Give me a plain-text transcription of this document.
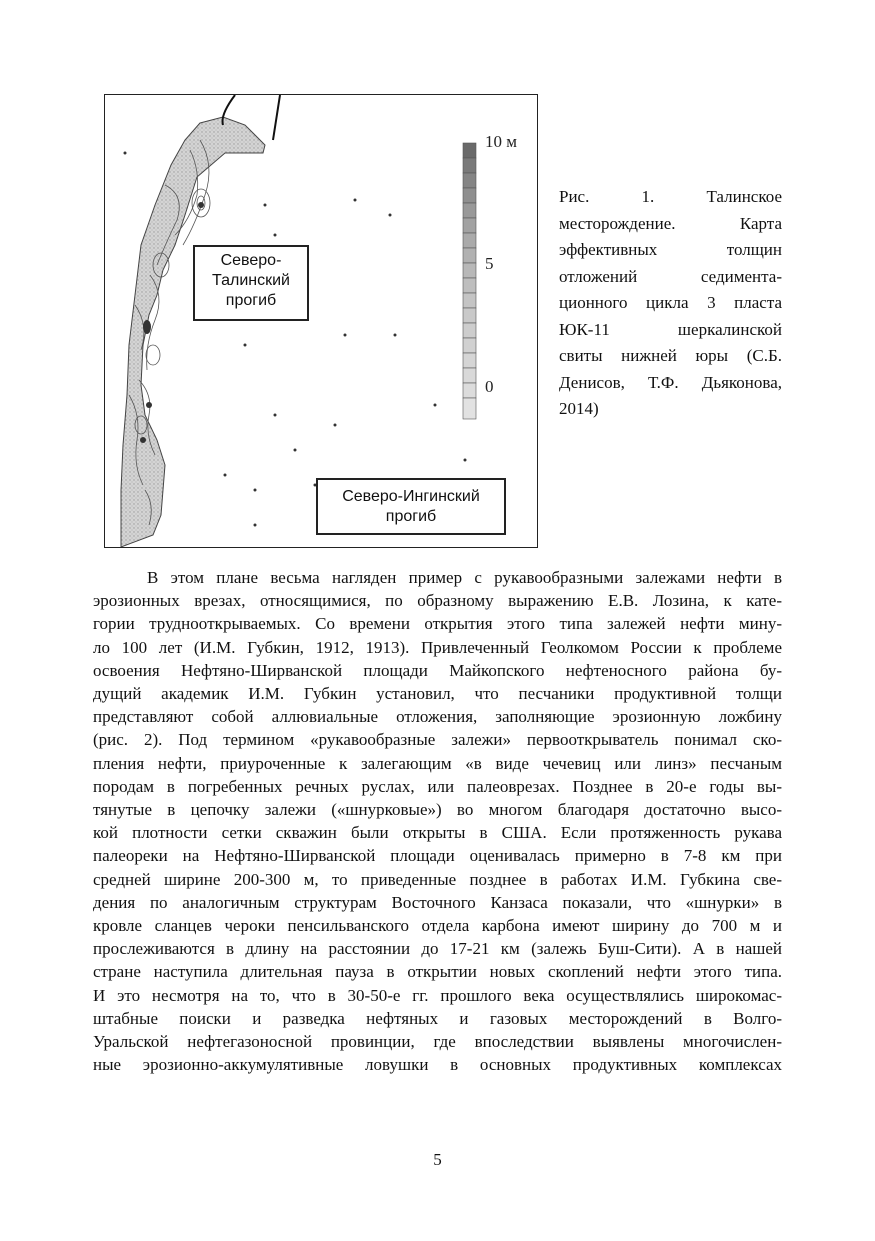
10 м
5
0
Северо-
Талинский
прогиб
Северо-Ингинский
прогиб
Рис. 1. Талинское
месторождение. Карта
эффективных толщин
отложений седимента-
ционного цикла 3 пласта
ЮК-11 шеркалинской
свиты нижней юры (С.Б.
Денисов, Т.Ф. Дьяконова,
2014)
В этом плане весьма нагляден пример с рукавообразными залежами нефти в
эрозионных врезах, относящимися, по образному выражению Е.В. Лозина, к кате-
гории трудноoткрываемых. Со времени открытия этого типа залежей нефти мину-
ло 100 лет (И.М. Губкин, 1912, 1913). Привлеченный Геолкомом России к проблеме
освоения Нефтяно-Ширванской площади Майкопского нефтеносного района бу-
дущий академик И.М. Губкин установил, что песчаники продуктивной толщи
представляют собой аллювиальные отложения, заполняющие эрозионную ложбину
(рис. 2). Под термином «рукавообразные залежи» первооткрыватель понимал ско-
пления нефти, приуроченные к залегающим «в виде чечевиц или линз» песчаным
породам в погребенных речных руслах, или палеоврезах. Позднее в 20-е годы вы-
тянутые в цепочку залежи («шнурковые») во многом благодаря достаточно высо-
кой плотности сетки скважин были открыты в США. Если протяженность рукава
палеореки на Нефтяно-Ширванской площади оценивалась примерно в 7-8 км при
средней ширине 200-300 м, то приведенные позднее в работах И.М. Губкина све-
дения по аналогичным структурам Восточного Канзаса показали, что «шнурки» в
кровле сланцев чероки пенсильванского отдела карбона имеют ширину до 700 м и
прослеживаются в длину на расстоянии до 17-21 км (залежь Буш-Сити). А в нашей
стране наступила длительная пауза в открытии новых скоплений нефти этого типа.
И это несмотря на то, что в 30-50-е гг. прошлого века осуществлялись широкомас-
штабные поиски и разведка нефтяных и газовых месторождений в Волго-
Уральской нефтегазоносной провинции, где впоследствии выявлены многочислен-
ные эрозионно-аккумулятивные ловушки в основных продуктивных комплексах
5
